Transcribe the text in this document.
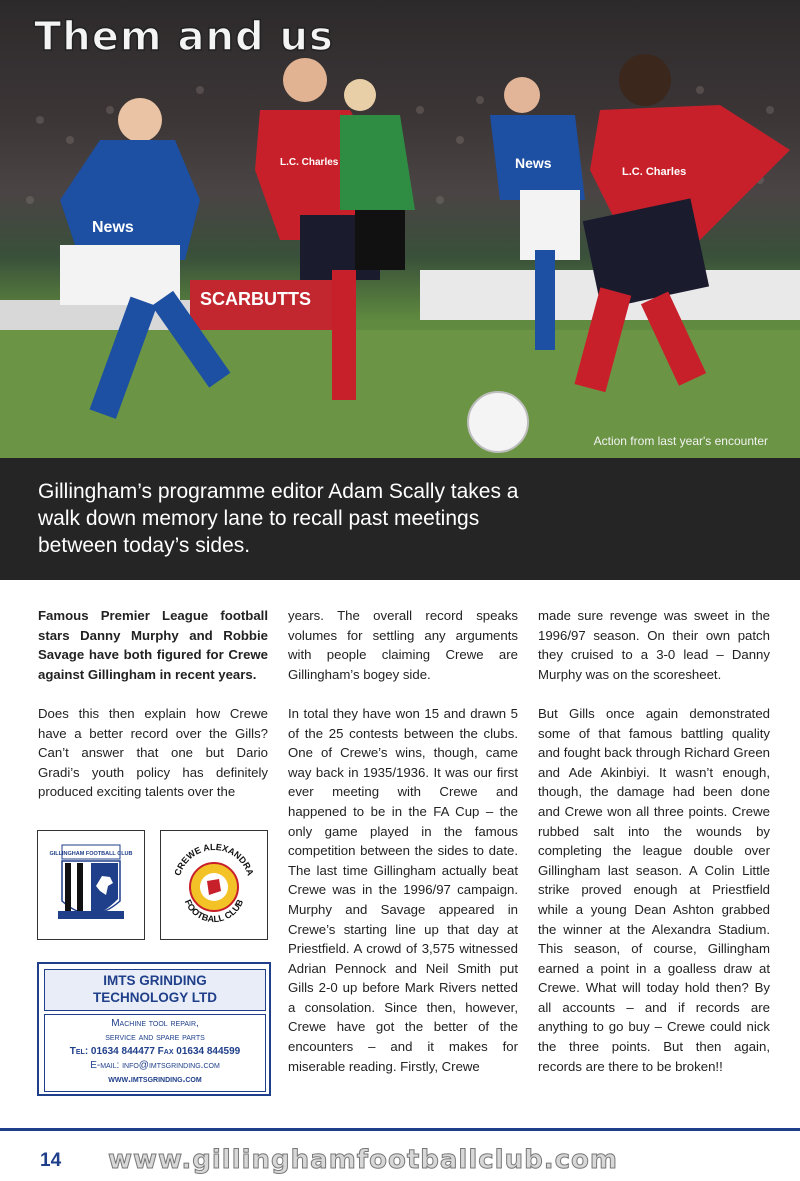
SCARBUTTS
News
L.C. Charles	News
L.C. Charles
Them and us
Action from last year's encounter
Gillingham’s programme editor Adam Scally takes a walk down memory lane to recall past meetings between today’s sides.

Famous Premier League football stars Danny Murphy and Robbie Savage have both figured for Crewe against Gillingham in recent years.

Does this then explain how Crewe have a better record over the Gills? Can’t answer that one but Dario Gradi’s youth policy has definitely produced exciting talents over the

GILLINGHAM FOOTBALL CLUB
CREWE ALEXANDRA
FOOTBALL CLUB
IMTS GRINDING
TECHNOLOGY LTD
Machine tool repair,
service and spare parts
Tel: 01634 844477 Fax 01634 844599
E-mail: info@imtsgrinding.com
www.imtsgrinding.com

years. The overall record speaks volumes for settling any arguments with people claiming Crewe are Gillingham’s bogey side.

In total they have won 15 and drawn 5 of the 25 contests between the clubs. One of Crewe’s wins, though, came way back in 1935/1936. It was our first ever meeting with Crewe and happened to be in the FA Cup – the only game played in the famous competition between the sides to date. The last time Gillingham actually beat Crewe was in the 1996/97 campaign. Murphy and Savage appeared in Crewe’s starting line up that day at Priestfield. A crowd of 3,575 witnessed Adrian Pennock and Neil Smith put Gills 2-0 up before Mark Rivers netted a consolation. Since then, however, Crewe have got the better of the encounters – and it makes for miserable reading. Firstly, Crewe

made sure revenge was sweet in the 1996/97 season. On their own patch they cruised to a 3-0 lead – Danny Murphy was on the scoresheet.

But Gills once again demonstrated some of that famous battling quality and fought back through Richard Green and Ade Akinbiyi. It wasn’t enough, though, the damage had been done and Crewe won all three points. Crewe rubbed salt into the wounds by completing the league double over Gillingham last season. A Colin Little strike proved enough at Priestfield while a young Dean Ashton grabbed the winner at the Alexandra Stadium. This season, of course, Gillingham earned a point in a goalless draw at Crewe. What will today hold then? By all accounts – and if records are anything to go buy – Crewe could nick the three points. But then again, records are there to be broken!!

14 www.gillinghamfootballclub.com
